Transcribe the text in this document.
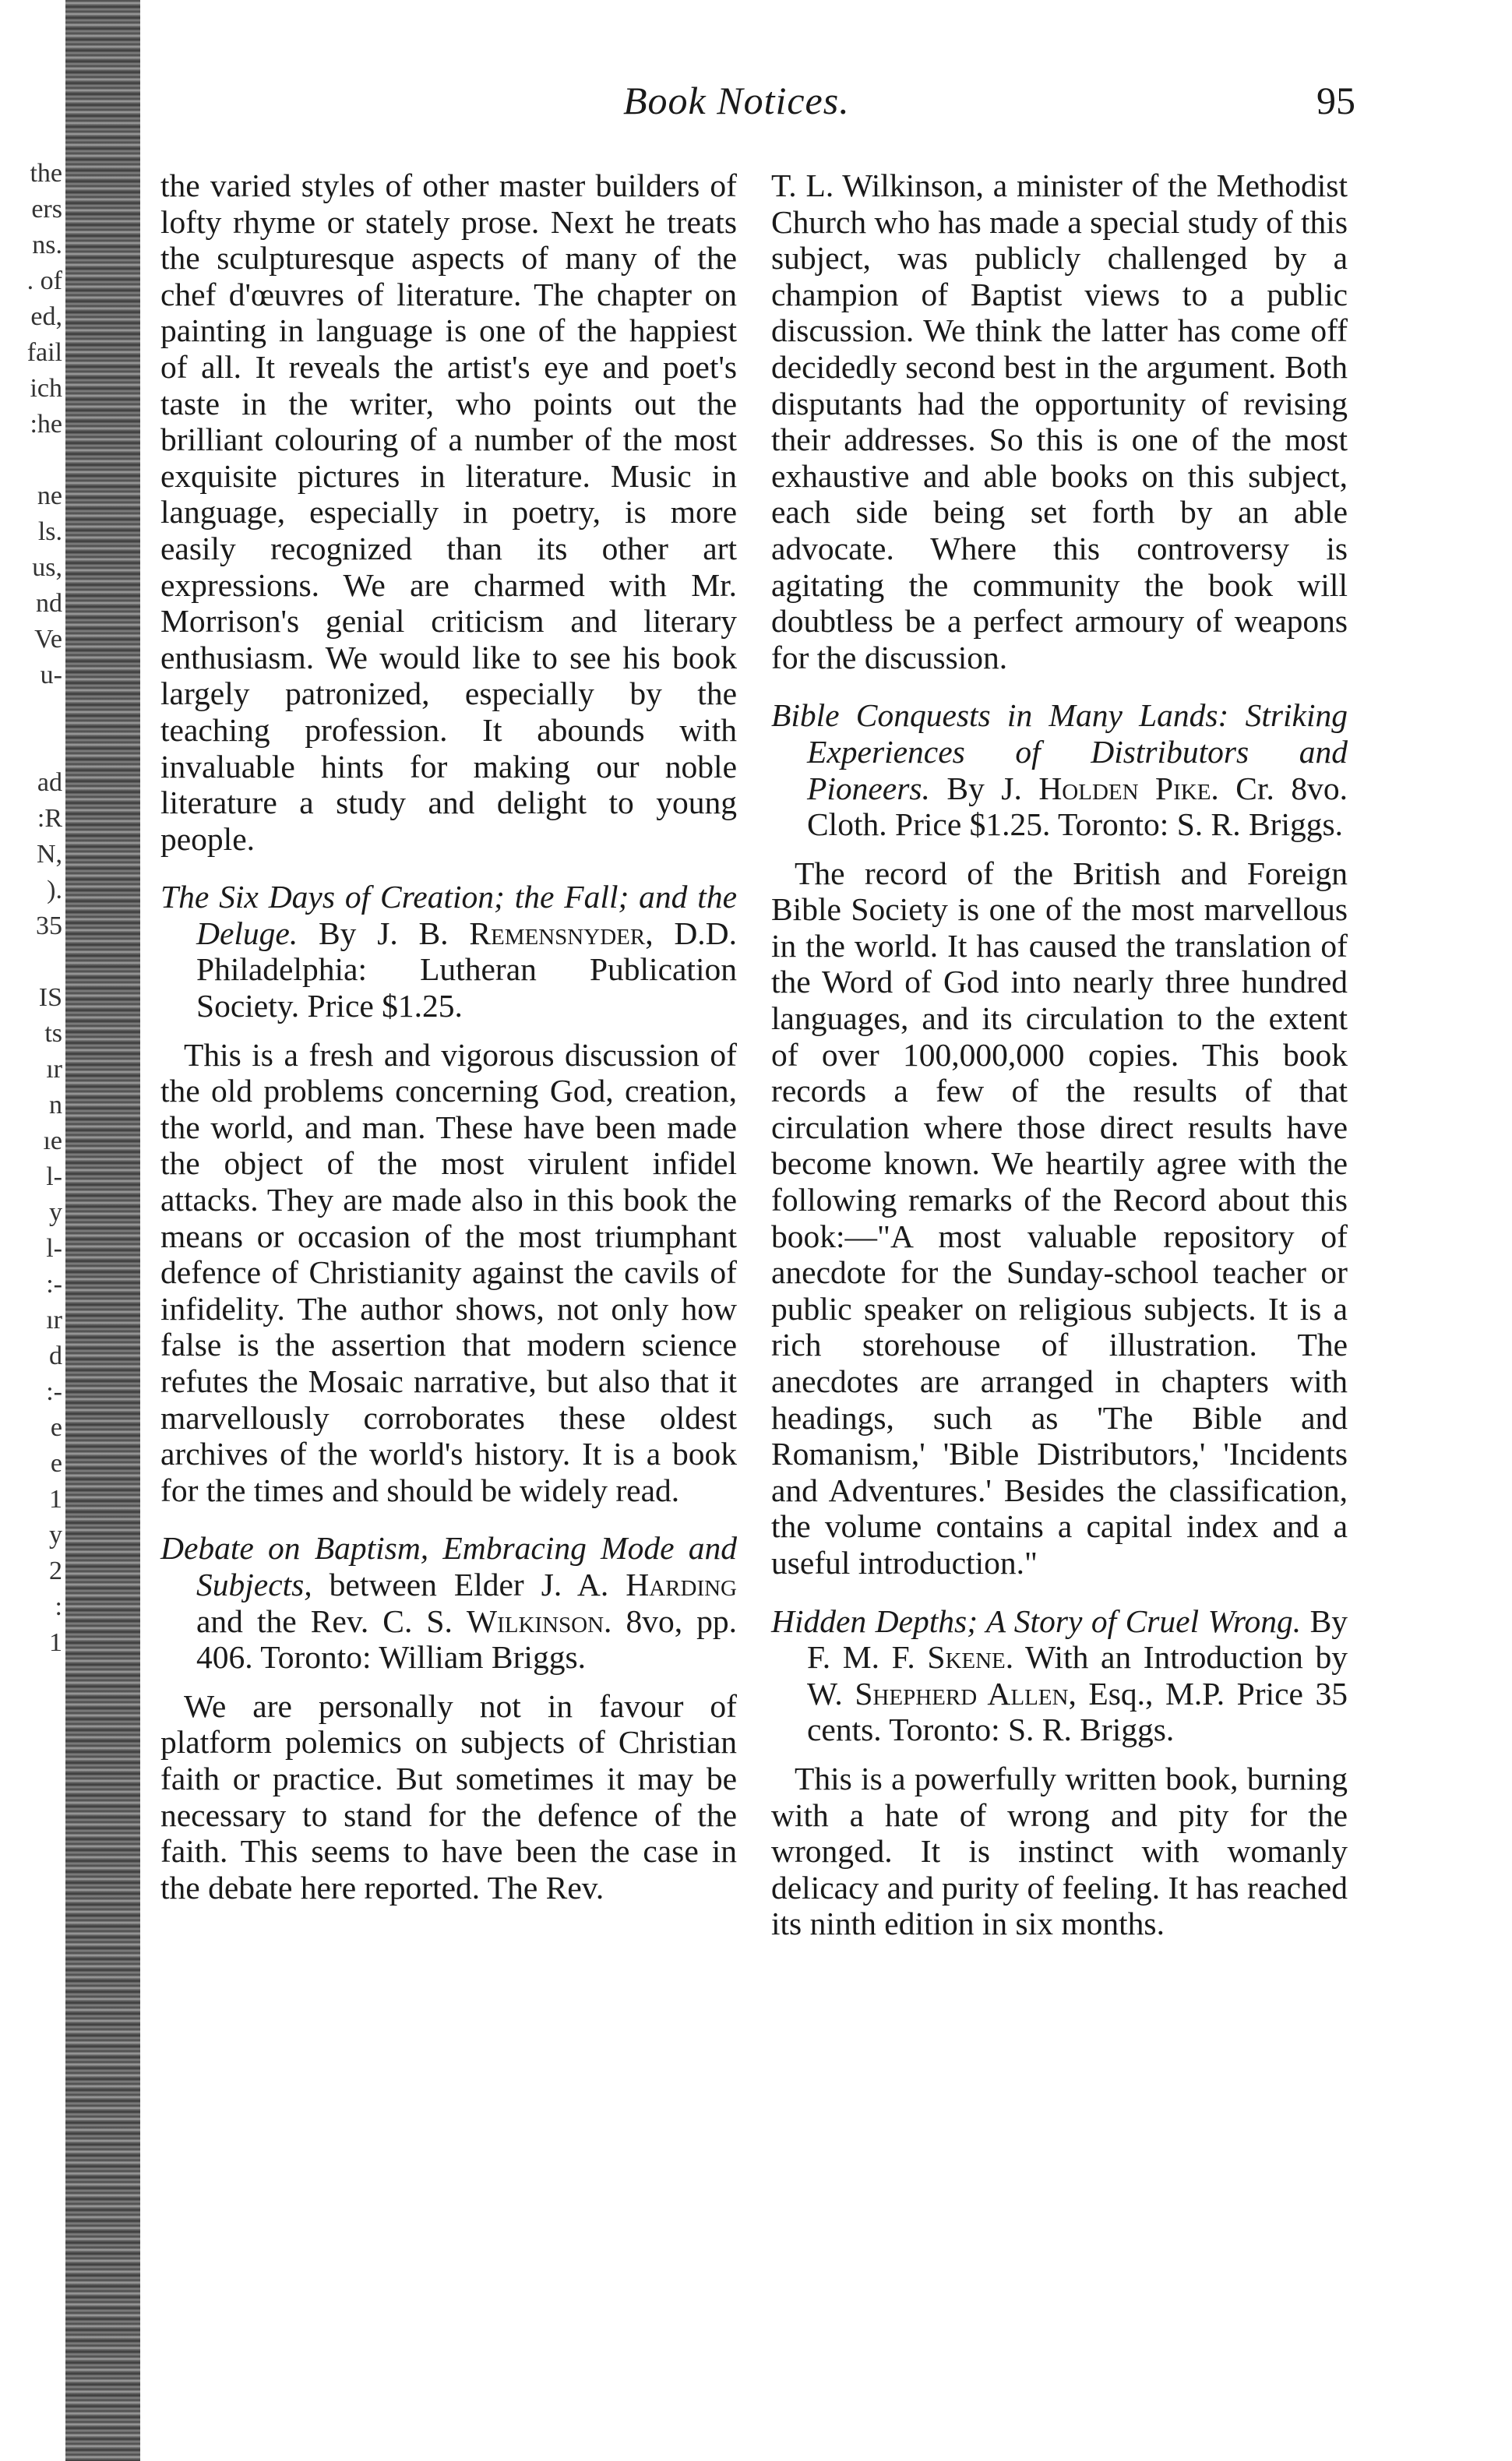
the
ers
ns.
. of
ed,
fail
ich
:he
ne
ls.
us,
nd
Ve
u-
ad
:R
N,
).
35
IS
ts
ır
n
ıe
l-
y
l-
:-
ır
d
:-
e
e
1
y
2
:
1
Book Notices.	95

the varied styles of other master builders of lofty rhyme or stately prose. Next he treats the sculpturesque aspects of many of the chef d'œuvres of literature. The chapter on painting in language is one of the happiest of all. It reveals the artist's eye and poet's taste in the writer, who points out the brilliant colouring of a number of the most exquisite pictures in literature. Music in language, especially in poetry, is more easily recognized than its other art expressions. We are charmed with Mr. Morrison's genial criticism and literary enthusiasm. We would like to see his book largely patronized, especially by the teaching profession. It abounds with invaluable hints for making our noble literature a study and delight to young people.

The Six Days of Creation; the Fall; and the Deluge. By J. B. Remensnyder, D.D. Philadelphia: Lutheran Publication Society. Price $1.25.

This is a fresh and vigorous discussion of the old problems concerning God, creation, the world, and man. These have been made the object of the most virulent infidel attacks. They are made also in this book the means or occasion of the most triumphant defence of Christianity against the cavils of infidelity. The author shows, not only how false is the assertion that modern science refutes the Mosaic narrative, but also that it marvellously corroborates these oldest archives of the world's history. It is a book for the times and should be widely read.

Debate on Baptism, Embracing Mode and Subjects, between Elder J. A. Harding and the Rev. C. S. Wilkinson. 8vo, pp. 406. Toronto: William Briggs.

We are personally not in favour of platform polemics on subjects of Christian faith or practice. But sometimes it may be necessary to stand for the defence of the faith. This seems to have been the case in the debate here reported. The Rev.

T. L. Wilkinson, a minister of the Methodist Church who has made a special study of this subject, was publicly challenged by a champion of Baptist views to a public discussion. We think the latter has come off decidedly second best in the argument. Both disputants had the opportunity of revising their addresses. So this is one of the most exhaustive and able books on this subject, each side being set forth by an able advocate. Where this controversy is agitating the community the book will doubtless be a perfect armoury of weapons for the discussion.

Bible Conquests in Many Lands: Striking Experiences of Distributors and Pioneers. By J. Holden Pike. Cr. 8vo. Cloth. Price $1.25. Toronto: S. R. Briggs.

The record of the British and Foreign Bible Society is one of the most marvellous in the world. It has caused the translation of the Word of God into nearly three hundred languages, and its circulation to the extent of over 100,000,000 copies. This book records a few of the results of that circulation where those direct results have become known. We heartily agree with the following remarks of the Record about this book:—"A most valuable repository of anecdote for the Sunday-school teacher or public speaker on religious subjects. It is a rich storehouse of illustration. The anecdotes are arranged in chapters with headings, such as 'The Bible and Romanism,' 'Bible Distributors,' 'Incidents and Adventures.' Besides the classification, the volume contains a capital index and a useful introduction."

Hidden Depths; A Story of Cruel Wrong. By F. M. F. Skene. With an Introduction by W. Shepherd Allen, Esq., M.P. Price 35 cents. Toronto: S. R. Briggs.

This is a powerfully written book, burning with a hate of wrong and pity for the wronged. It is instinct with womanly delicacy and purity of feeling. It has reached its ninth edition in six months.
